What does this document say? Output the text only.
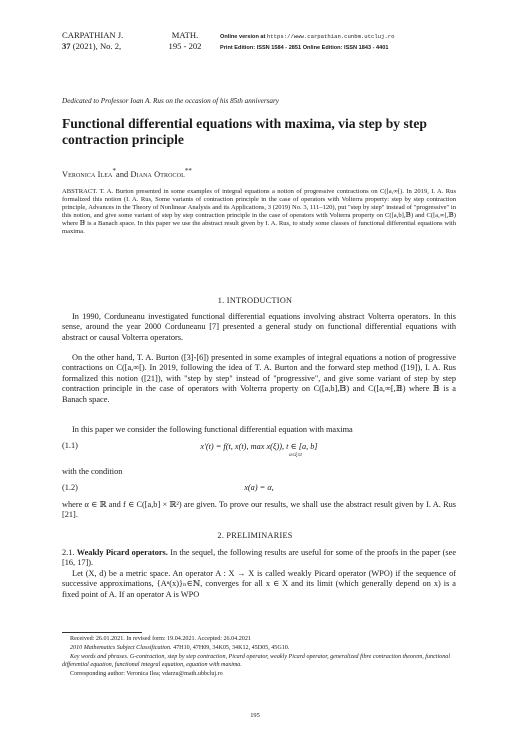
CARPATHIAN J.
37 (2021), No. 2,
MATH.
195 - 202
Online version at https://www.carpathian.cunbm.utcluj.ro
Print Edition: ISSN 1584 - 2851 Online Edition: ISSN 1843 - 4401
Dedicated to Professor Ioan A. Rus on the occasion of his 85th anniversary
Functional differential equations with maxima, via step by step contraction principle
Veronica Ilea*and Diana Otrocol**
ABSTRACT. T. A. Burton presented in some examples of integral equations a notion of progressive contractions on C([a,∞[). In 2019, I. A. Rus formalized this notion (I. A. Rus, Some variants of contraction principle in the case of operators with Volterra property: step by step contraction principle, Advances in the Theory of Nonlinear Analysis and its Applications, 3 (2019) No. 3, 111–120), put "step by step" instead of "progressive" in this notion, and give some variant of step by step contraction principle in the case of operators with Volterra property on C([a,b],𝔹) and C([a,∞[,𝔹) where 𝔹 is a Banach space. In this paper we use the abstract result given by I. A. Rus, to study some classes of functional differential equations with maxima.
1. INTRODUCTION
In 1990, Corduneanu investigated functional differential equations involving abstract Volterra operators. In this sense, around the year 2000 Corduneanu [7] presented a general study on functional differential equations with abstract or causal Volterra operators.
On the other hand, T. A. Burton ([3]-[6]) presented in some examples of integral equations a notion of progressive contractions on C([a,∞[). In 2019, following the idea of T. A. Burton and the forward step method ([19]), I. A. Rus formalized this notion ([21]), with "step by step" instead of "progressive", and give some variant of step by step contraction principle in the case of operators with Volterra property on C([a,b],𝔹) and C([a,∞[,𝔹) where 𝔹 is a Banach space.
In this paper we consider the following functional differential equation with maxima
(1.1)	x′(t) = f(t, x(t), max x(ξ)), t ∈ [a, b]
a≤ξ≤t
with the condition
(1.2)	x(a) = α,
where α ∈ ℝ and f ∈ C([a,b] × ℝ²) are given. To prove our results, we shall use the abstract result given by I. A. Rus [21].
2. PRELIMINARIES
2.1. Weakly Picard operators. In the sequel, the following results are useful for some of the proofs in the paper (see [16, 17]).
Let (X, d) be a metric space. An operator A : X → X is called weakly Picard operator (WPO) if the sequence of successive approximations, {Aⁿ(x)}ₙ∈ℕ, converges for all x ∈ X and its limit (which generally depend on x) is a fixed point of A. If an operator A is WPO
Received: 26.01.2021. In revised form: 19.04.2021. Accepted: 26.04.2021
2010 Mathematics Subject Classification. 47H10, 47H09, 34K05, 34K12, 45D05, 45G10.
Key words and phrases. G-contraction, step by step contraction, Picard operator, weakly Picard operator, generalized fibre contraction theorem, functional differential equation, functional integral equation, equation with maxima.
Corresponding author: Veronica Ilea; vdarzu@math.ubbcluj.ro
195
